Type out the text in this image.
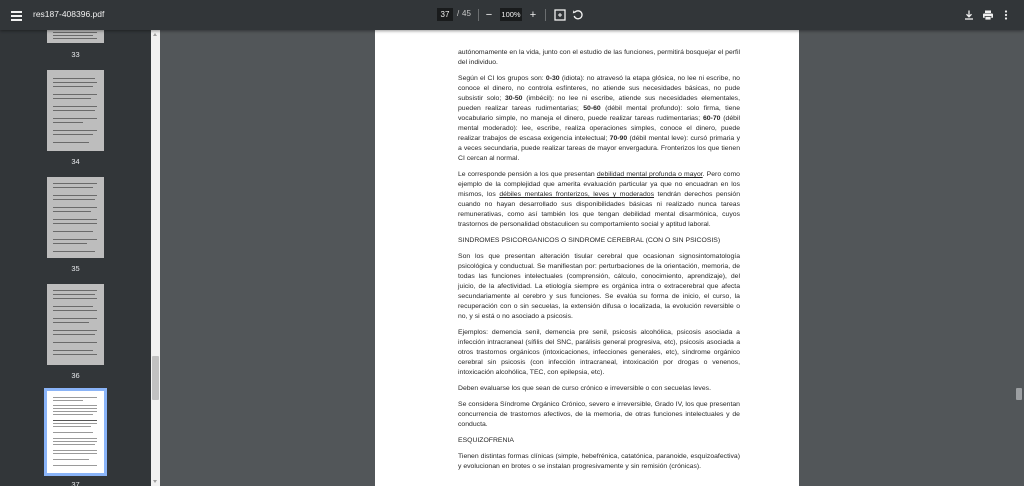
res187-408396.pdf	37 / 45	−	100% +
33
34
35
36
37

autónomamente en la vida, junto con el estudio de las funciones, permitirá bosquejar el perfil del individuo.

Según el CI los grupos son: 0-30 (idiota): no atravesó la etapa glósica, no lee ni escribe, no conoce el dinero, no controla esfínteres, no atiende sus necesidades básicas, no pude subsistir solo; 30-50 (imbécil): no lee ni escribe, atiende sus necesidades elementales, pueden realizar tareas rudimentarias; 50-60 (débil mental profundo): solo firma, tiene vocabulario simple, no maneja el dinero, puede realizar tareas rudimentarias; 60-70 (débil mental moderado): lee, escribe, realiza operaciones simples, conoce el dinero, puede realizar trabajos de escasa exigencia intelectual; 70-90 (débil mental leve): cursó primaria y a veces secundaria, puede realizar tareas de mayor envergadura. Fronterizos los que tienen CI cercan al normal.

Le corresponde pensión a los que presentan debilidad mental profunda o mayor. Pero como ejemplo de la complejidad que amerita evaluación particular ya que no encuadran en los mismos, los débiles mentales fronterizos, leves y moderados tendrán derechos pensión cuando no hayan desarrollado sus disponibilidades básicas ni realizado nunca tareas remunerativas, como así también los que tengan debilidad mental disarmónica, cuyos trastornos de personalidad obstaculicen su comportamiento social y aptitud laboral.

SINDROMES PSICORGANICOS O SINDROME CEREBRAL (CON O SIN PSICOSIS)

Son los que presentan alteración tisular cerebral que ocasionan signosintomatología psicológica y conductual. Se manifiestan por: perturbaciones de la orientación, memoria, de todas las funciones intelectuales (comprensión, cálculo, conocimiento, aprendizaje), del juicio, de la afectividad. La etiología siempre es orgánica intra o extracerebral que afecta secundariamente al cerebro y sus funciones. Se evalúa su forma de inicio, el curso, la recuperación con o sin secuelas, la extensión difusa o localizada, la evolución reversible o no, y si está o no asociado a psicosis.

Ejemplos: demencia senil, demencia pre senil, psicosis alcohólica, psicosis asociada a infección intracraneal (sífilis del SNC, parálisis general progresiva, etc), psicosis asociada a otros trastornos orgánicos (intoxicaciones, infecciones generales, etc), síndrome orgánico cerebral sin psicosis (con infección intracraneal, intoxicación por drogas o venenos, intoxicación alcohólica, TEC, con epilepsia, etc).

Deben evaluarse los que sean de curso crónico e irreversible o con secuelas leves.

Se considera Síndrome Orgánico Crónico, severo e irreversible, Grado IV, los que presentan concurrencia de trastornos afectivos, de la memoria, de otras funciones intelectuales y de conducta.

ESQUIZOFRENIA

Tienen distintas formas clínicas (simple, hebefrénica, catatónica, paranoide, esquizoafectiva) y evolucionan en brotes o se instalan progresivamente y sin remisión (crónicas).
